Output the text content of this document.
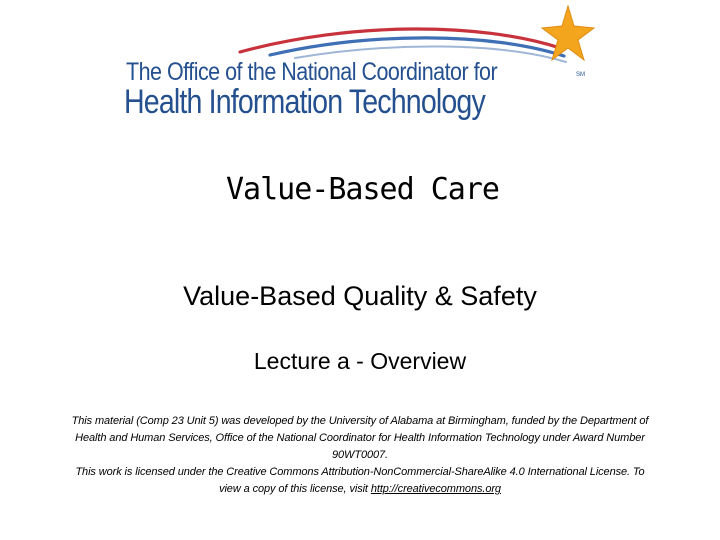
The Office of the National Coordinator for
Health Information Technology
SM
Value-Based Care
Value-Based Quality & Safety
Lecture a - Overview

This material (Comp 23 Unit 5) was developed by the University of Alabama at Birmingham, funded by the Department of Health and Human Services, Office of the National Coordinator for Health Information Technology under Award Number 90WT0007.

This work is licensed under the Creative Commons Attribution-NonCommercial-ShareAlike 4.0 International License. To view a copy of this license, visit http://creativecommons.org
